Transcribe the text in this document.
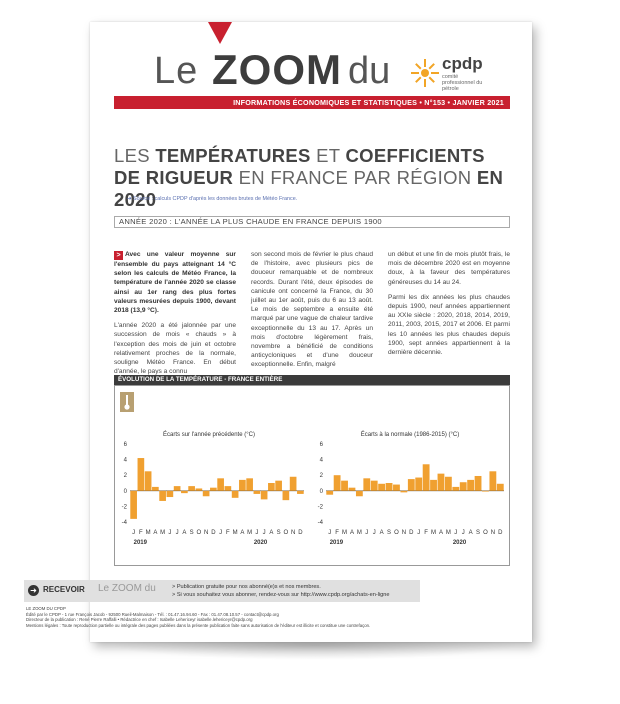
Le ZOOM du	cpdp
comité professionnel du pétrole
INFORMATIONS ÉCONOMIQUES ET STATISTIQUES • N°153 • JANVIER 2021
LES TEMPÉRATURES ET COEFFICIENTS
DE RIGUEUR EN FRANCE PAR RÉGION EN 2020
➜ Source : calculs CPDP d'après les données brutes de Météo France.
ANNÉE 2020 : L'ANNÉE LA PLUS CHAUDE EN FRANCE DEPUIS 1900

> Avec une valeur moyenne sur l'ensemble du pays atteignant 14 °C selon les calculs de Météo France, la température de l'année 2020 se classe ainsi au 1er rang des plus fortes valeurs mesurées depuis 1900, devant 2018 (13,9 °C).

L'année 2020 a été jalonnée par une succession de mois « chauds » à l'exception des mois de juin et octobre relativement proches de la normale, souligne Météo France. En début d'année, le pays a connu

son second mois de février le plus chaud de l'histoire, avec plusieurs pics de douceur remarquable et de nombreux records. Durant l'été, deux épisodes de canicule ont concerné la France, du 30 juillet au 1er août, puis du 6 au 13 août. Le mois de septembre a ensuite été marqué par une vague de chaleur tardive exceptionnelle du 13 au 17. Après un mois d'octobre légèrement frais, novembre a bénéficié de conditions anticycloniques et d'une douceur exceptionnelle. Enfin, malgré

un début et une fin de mois plutôt frais, le mois de décembre 2020 est en moyenne doux, à la faveur des températures généreuses du 14 au 24.

Parmi les dix années les plus chaudes depuis 1900, neuf années appartiennent au XXIe siècle : 2020, 2018, 2014, 2019, 2011, 2003, 2015, 2017 et 2006. Et parmi les 10 années les plus chaudes depuis 1900, sept années appartiennent à la dernière décennie.

ÉVOLUTION DE LA TEMPÉRATURE - FRANCE ENTIÈRE
Écarts sur l'année précédente (°C)	Écarts à la normale (1986-2015) (°C)
-4
-2
0
2
4
6
J F M A M J J A S O N D J F M A M J J A S O N D
2019	2020
-4
-2
0
2
4
6
J F M A M J J A S O N D J F M A M J J A S O N D
2019	2020
➜ RECEVOIR Le ZOOM du	> Publication gratuite pour nos abonné(e)s et nos membres.
> Si vous souhaitez vous abonner, rendez-vous sur http://www.cpdp.org/achats-en-ligne
LE ZOOM DU CPDP
Édité par le CPDP - 1 rue François Jacob - 92500 Rueil-Malmaison - Tél. : 01.47.16.94.60 - Fax : 01.47.08.10.57 - contact@cpdp.org
Directeur de la publication : René Pierre Raffalli • Rédactrice en chef : Isabelle Lehericeyr isabelle.lehericeyr@cpdp.org
Mentions légales : Toute reproduction partielle ou intégrale des pages publiées dans la présente publication faite sans autorisation de l'éditeur est illicite et constitue une contrefaçon.
